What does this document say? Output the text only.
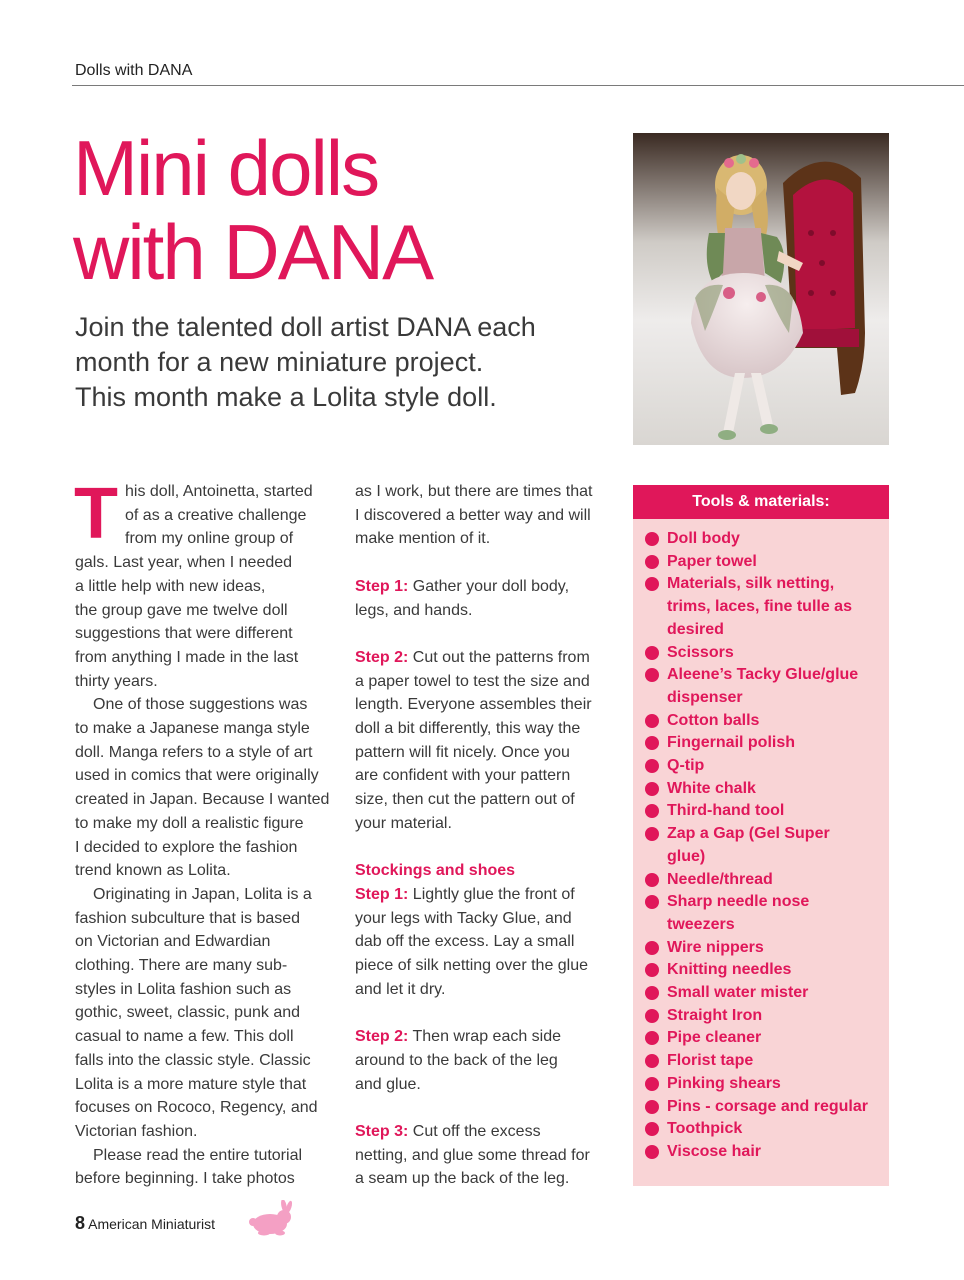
Dolls with DANA
Mini dolls
with DANA

Join the talented doll artist DANA each
month for a new miniature project.
This month make a Lolita style doll.

T his doll, Antoinetta, started
of as a creative challenge
from my online group of
gals. Last year, when I needed
a little help with new ideas,
the group gave me twelve doll
suggestions that were different
from anything I made in the last
thirty years.
One of those suggestions was
to make a Japanese manga style
doll. Manga refers to a style of art
used in comics that were originally
created in Japan. Because I wanted
to make my doll a realistic figure
I decided to explore the fashion
trend known as Lolita.
Originating in Japan, Lolita is a
fashion subculture that is based
on Victorian and Edwardian
clothing. There are many sub-
styles in Lolita fashion such as
gothic, sweet, classic, punk and
casual to name a few. This doll
falls into the classic style. Classic
Lolita is a more mature style that
focuses on Rococo, Regency, and
Victorian fashion.
Please read the entire tutorial
before beginning. I take photos

as I work, but there are times that
I discovered a better way and will
make mention of it.

Step 1: Gather your doll body,
legs, and hands.

Step 2: Cut out the patterns from
a paper towel to test the size and
length. Everyone assembles their
doll a bit differently, this way the
pattern will fit nicely. Once you
are confident with your pattern
size, then cut the pattern out of
your material.

Stockings and shoes
Step 1: Lightly glue the front of
your legs with Tacky Glue, and
dab off the excess. Lay a small
piece of silk netting over the glue
and let it dry.

Step 2: Then wrap each side
around to the back of the leg
and glue.

Step 3: Cut off the excess
netting, and glue some thread for
a seam up the back of the leg.

Tools & materials:
Doll body
Paper towel
Materials, silk netting,
trims, laces, fine tulle as
desired
Scissors
Aleene’s Tacky Glue/glue
dispenser
Cotton balls
Fingernail polish
Q-tip
White chalk
Third-hand tool
Zap a Gap (Gel Super
glue)
Needle/thread
Sharp needle nose
tweezers
Wire nippers
Knitting needles
Small water mister
Straight Iron
Pipe cleaner
Florist tape
Pinking shears
Pins - corsage and regular
Toothpick
Viscose hair
8 American Miniaturist
